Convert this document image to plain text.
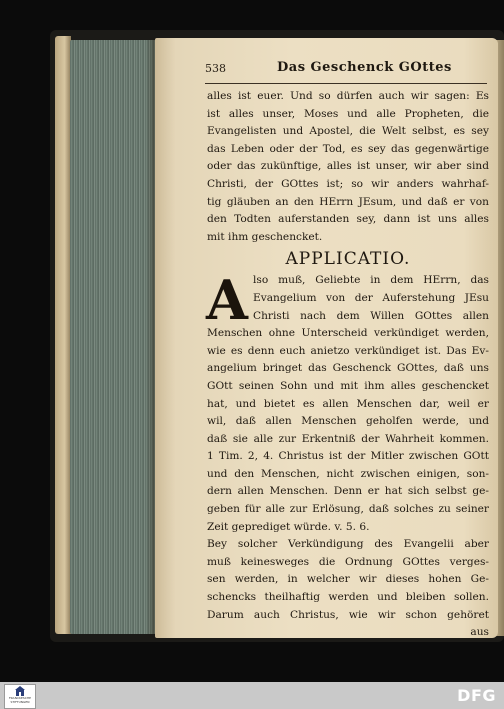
538	Das Geschenck GOttes
alles ist euer. Und so dürfen auch wir sagen: Es
ist alles unser, Moses und alle Propheten, die
Evangelisten und Apostel, die Welt selbst, es sey
das Leben oder der Tod, es sey das gegenwärtige
oder das zukünftige, alles ist unser, wir aber sind
Christi, der GOttes ist; so wir anders wahrhaf-
tig gläuben an den HErrn JEsum, und daß er von
den Todten auferstanden sey, dann ist uns alles
mit ihm geschencket.
APPLICATIO.
A lso muß, Geliebte in dem HErrn, das
Evangelium von der Auferstehung JEsu
Christi nach dem Willen GOttes allen
Menschen ohne Unterscheid verkündiget werden,
wie es denn euch anietzo verkündiget ist. Das Ev-
angelium bringet das Geschenck GOttes, daß uns
GOtt seinen Sohn und mit ihm alles geschencket
hat, und bietet es allen Menschen dar, weil er
wil, daß allen Menschen geholfen werde, und
daß sie alle zur Erkentniß der Wahrheit kommen.
1 Tim. 2, 4. Christus ist der Mitler zwischen GOtt
und den Menschen, nicht zwischen einigen, son-
dern allen Menschen. Denn er hat sich selbst ge-
geben für alle zur Erlösung, daß solches zu seiner
Zeit geprediget würde. v. 5. 6.
Bey solcher Verkündigung des Evangelii aber
muß keinesweges die Ordnung GOttes verges-
sen werden, in welcher wir dieses hohen Ge-
schencks theilhaftig werden und bleiben sollen.
Darum auch Christus, wie wir schon gehöret
aus
FRANCKESCHE STIFTUNGEN	DFG
